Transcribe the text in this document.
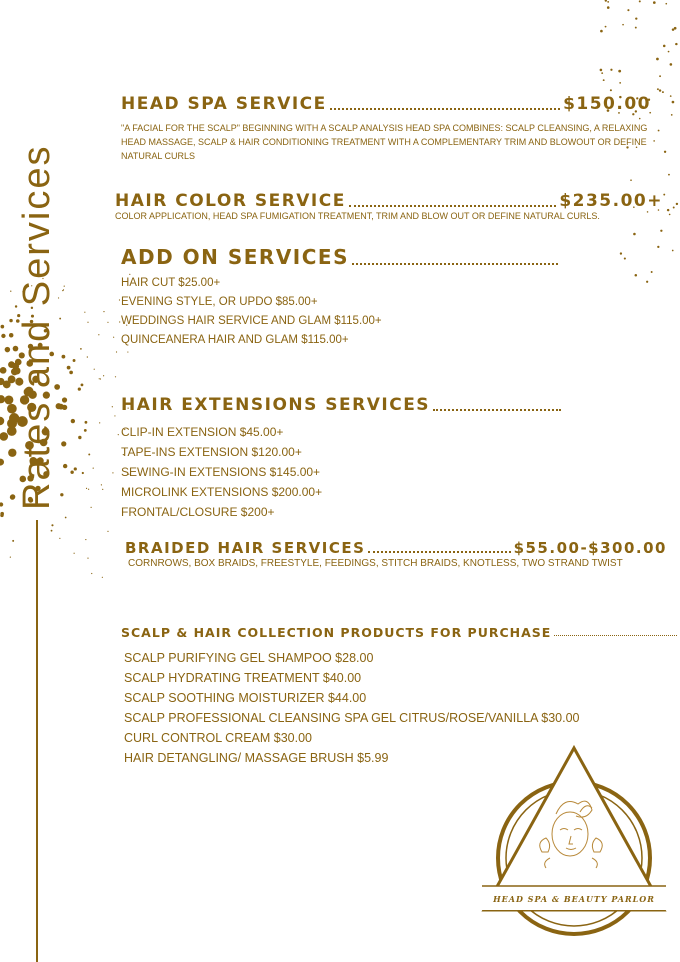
Rates and Services
HEAD SPA SERVICE	$150.00
"A FACIAL FOR THE SCALP" BEGINNING WITH A SCALP ANALYSIS HEAD SPA COMBINES: SCALP CLEANSING, A RELAXING HEAD MASSAGE, SCALP & HAIR CONDITIONING TREATMENT WITH A COMPLEMENTARY TRIM AND BLOWOUT OR DEFINE NATURAL CURLS
HAIR COLOR SERVICE	$235.00+
COLOR APPLICATION, HEAD SPA FUMIGATION TREATMENT, TRIM AND BLOW OUT OR DEFINE NATURAL CURLS.
ADD ON SERVICES
HAIR CUT $25.00+
EVENING STYLE, OR UPDO $85.00+
WEDDINGS HAIR SERVICE AND GLAM $115.00+
QUINCEANERA HAIR AND GLAM $115.00+
HAIR EXTENSIONS SERVICES
CLIP-IN EXTENSION $45.00+
TAPE-INS EXTENSION $120.00+
SEWING-IN EXTENSIONS $145.00+
MICROLINK EXTENSIONS $200.00+
FRONTAL/CLOSURE $200+
BRAIDED HAIR SERVICES	$55.00-$300.00
CORNROWS, BOX BRAIDS, FREESTYLE, FEEDINGS, STITCH BRAIDS, KNOTLESS, TWO STRAND TWIST
SCALP & HAIR COLLECTION PRODUCTS FOR PURCHASE
SCALP PURIFYING GEL SHAMPOO $28.00
SCALP HYDRATING TREATMENT $40.00
SCALP SOOTHING MOISTURIZER $44.00
SCALP PROFESSIONAL CLEANSING SPA GEL CITRUS/ROSE/VANILLA $30.00
CURL CONTROL CREAM $30.00
HAIR DETANGLING/ MASSAGE BRUSH $5.99
HEAD SPA & BEAUTY PARLOR
